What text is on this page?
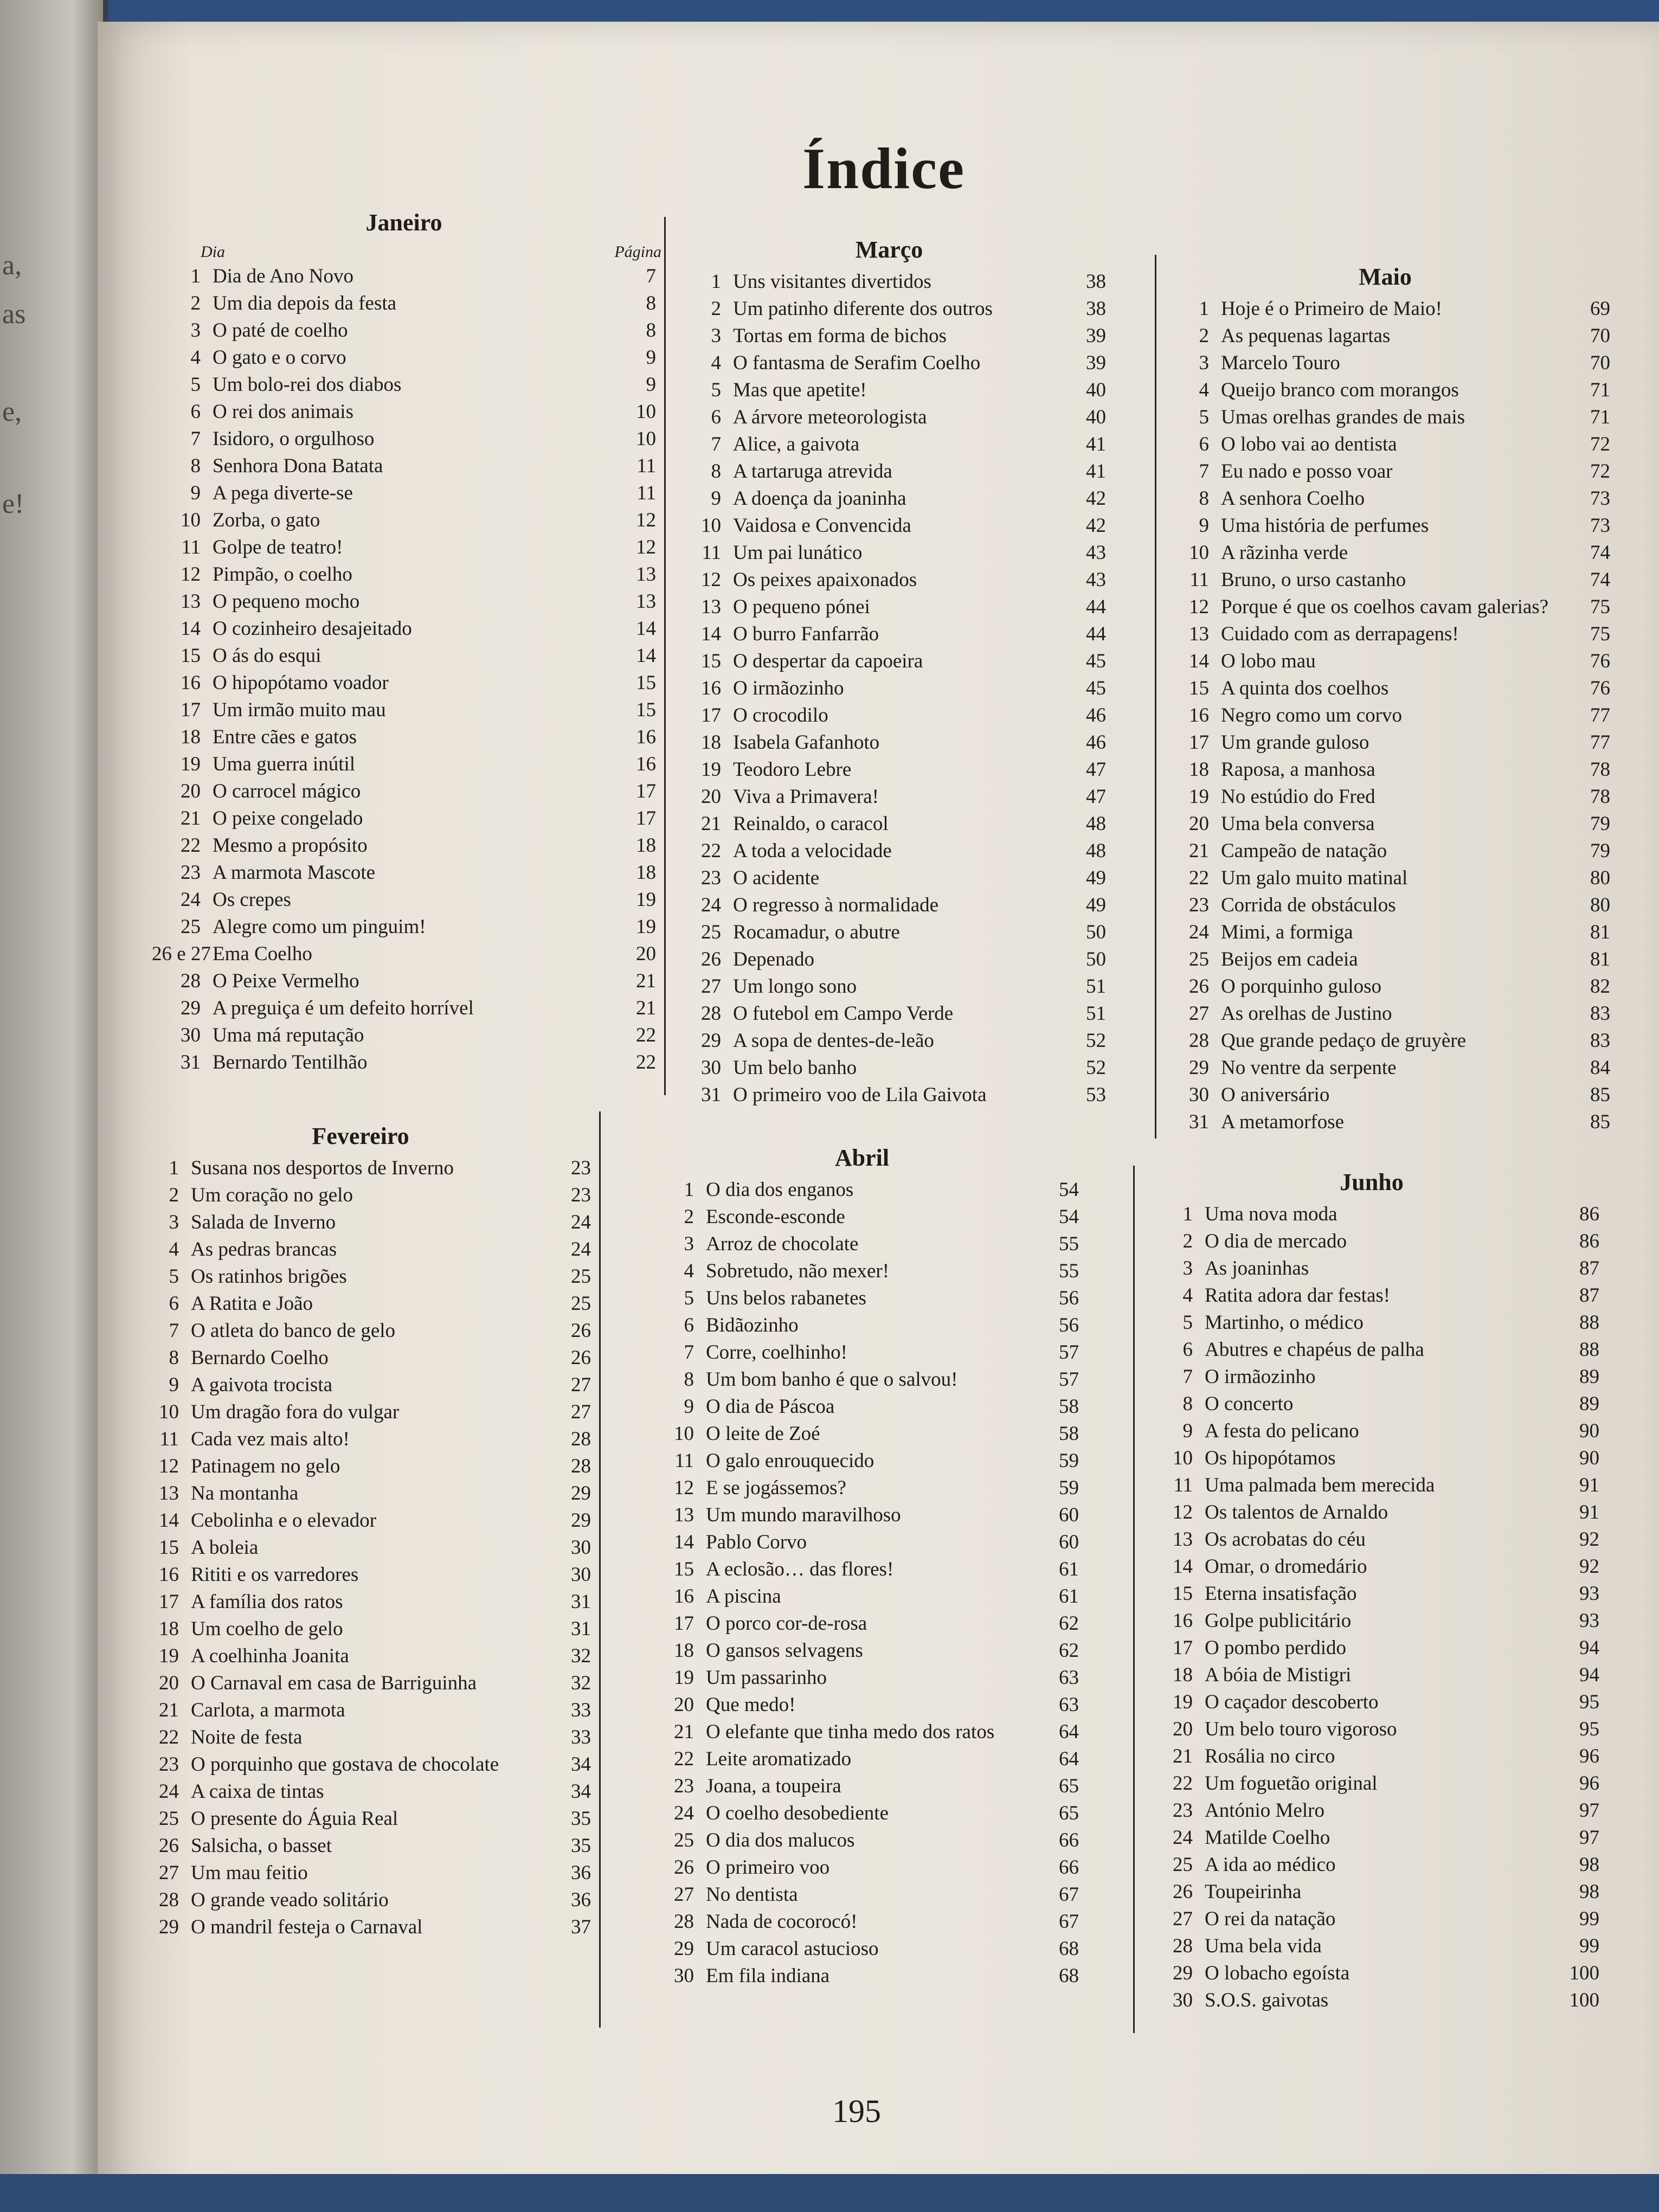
a,
as
e,
e!
Índice
Janeiro
Dia	Página
1 Dia de Ano Novo	7
2 Um dia depois da festa	8
3 O paté de coelho	8
4 O gato e o corvo	9
5 Um bolo-rei dos diabos	9
6 O rei dos animais	10
7 Isidoro, o orgulhoso	10
8 Senhora Dona Batata	11
9 A pega diverte-se	11
10 Zorba, o gato	12
11 Golpe de teatro!	12
12 Pimpão, o coelho	13
13 O pequeno mocho	13
14 O cozinheiro desajeitado	14
15 O ás do esqui	14
16 O hipopótamo voador	15
17 Um irmão muito mau	15
18 Entre cães e gatos	16
19 Uma guerra inútil	16
20 O carrocel mágico	17
21 O peixe congelado	17
22 Mesmo a propósito	18
23 A marmota Mascote	18
24 Os crepes	19
25 Alegre como um pinguim!	19
26 e 27 Ema Coelho	20
28 O Peixe Vermelho	21
29 A preguiça é um defeito horrível	21
30 Uma má reputação	22
31 Bernardo Tentilhão	22
Fevereiro
1 Susana nos desportos de Inverno	23
2 Um coração no gelo	23
3 Salada de Inverno	24
4 As pedras brancas	24
5 Os ratinhos brigões	25
6 A Ratita e João	25
7 O atleta do banco de gelo	26
8 Bernardo Coelho	26
9 A gaivota trocista	27
10 Um dragão fora do vulgar	27
11 Cada vez mais alto!	28
12 Patinagem no gelo	28
13 Na montanha	29
14 Cebolinha e o elevador	29
15 A boleia	30
16 Rititi e os varredores	30
17 A família dos ratos	31
18 Um coelho de gelo	31
19 A coelhinha Joanita	32
20 O Carnaval em casa de Barriguinha	32
21 Carlota, a marmota	33
22 Noite de festa	33
23 O porquinho que gostava de chocolate	34
24 A caixa de tintas	34
25 O presente do Águia Real	35
26 Salsicha, o basset	35
27 Um mau feitio	36
28 O grande veado solitário	36
29 O mandril festeja o Carnaval	37
Março
1 Uns visitantes divertidos	38
2 Um patinho diferente dos outros	38
3 Tortas em forma de bichos	39
4 O fantasma de Serafim Coelho	39
5 Mas que apetite!	40
6 A árvore meteorologista	40
7 Alice, a gaivota	41
8 A tartaruga atrevida	41
9 A doença da joaninha	42
10 Vaidosa e Convencida	42
11 Um pai lunático	43
12 Os peixes apaixonados	43
13 O pequeno pónei	44
14 O burro Fanfarrão	44
15 O despertar da capoeira	45
16 O irmãozinho	45
17 O crocodilo	46
18 Isabela Gafanhoto	46
19 Teodoro Lebre	47
20 Viva a Primavera!	47
21 Reinaldo, o caracol	48
22 A toda a velocidade	48
23 O acidente	49
24 O regresso à normalidade	49
25 Rocamadur, o abutre	50
26 Depenado	50
27 Um longo sono	51
28 O futebol em Campo Verde	51
29 A sopa de dentes-de-leão	52
30 Um belo banho	52
31 O primeiro voo de Lila Gaivota	53
Abril
1 O dia dos enganos	54
2 Esconde-esconde	54
3 Arroz de chocolate	55
4 Sobretudo, não mexer!	55
5 Uns belos rabanetes	56
6 Bidãozinho	56
7 Corre, coelhinho!	57
8 Um bom banho é que o salvou!	57
9 O dia de Páscoa	58
10 O leite de Zoé	58
11 O galo enrouquecido	59
12 E se jogássemos?	59
13 Um mundo maravilhoso	60
14 Pablo Corvo	60
15 A eclosão… das flores!	61
16 A piscina	61
17 O porco cor-de-rosa	62
18 O gansos selvagens	62
19 Um passarinho	63
20 Que medo!	63
21 O elefante que tinha medo dos ratos	64
22 Leite aromatizado	64
23 Joana, a toupeira	65
24 O coelho desobediente	65
25 O dia dos malucos	66
26 O primeiro voo	66
27 No dentista	67
28 Nada de cocorocó!	67
29 Um caracol astucioso	68
30 Em fila indiana	68
Maio
1 Hoje é o Primeiro de Maio!	69
2 As pequenas lagartas	70
3 Marcelo Touro	70
4 Queijo branco com morangos	71
5 Umas orelhas grandes de mais	71
6 O lobo vai ao dentista	72
7 Eu nado e posso voar	72
8 A senhora Coelho	73
9 Uma história de perfumes	73
10 A rãzinha verde	74
11 Bruno, o urso castanho	74
12 Porque é que os coelhos cavam galerias?	75
13 Cuidado com as derrapagens!	75
14 O lobo mau	76
15 A quinta dos coelhos	76
16 Negro como um corvo	77
17 Um grande guloso	77
18 Raposa, a manhosa	78
19 No estúdio do Fred	78
20 Uma bela conversa	79
21 Campeão de natação	79
22 Um galo muito matinal	80
23 Corrida de obstáculos	80
24 Mimi, a formiga	81
25 Beijos em cadeia	81
26 O porquinho guloso	82
27 As orelhas de Justino	83
28 Que grande pedaço de gruyère	83
29 No ventre da serpente	84
30 O aniversário	85
31 A metamorfose	85
Junho
1 Uma nova moda	86
2 O dia de mercado	86
3 As joaninhas	87
4 Ratita adora dar festas!	87
5 Martinho, o médico	88
6 Abutres e chapéus de palha	88
7 O irmãozinho	89
8 O concerto	89
9 A festa do pelicano	90
10 Os hipopótamos	90
11 Uma palmada bem merecida	91
12 Os talentos de Arnaldo	91
13 Os acrobatas do céu	92
14 Omar, o dromedário	92
15 Eterna insatisfação	93
16 Golpe publicitário	93
17 O pombo perdido	94
18 A bóia de Mistigri	94
19 O caçador descoberto	95
20 Um belo touro vigoroso	95
21 Rosália no circo	96
22 Um foguetão original	96
23 António Melro	97
24 Matilde Coelho	97
25 A ida ao médico	98
26 Toupeirinha	98
27 O rei da natação	99
28 Uma bela vida	99
29 O lobacho egoísta	100
30 S.O.S. gaivotas	100
195
